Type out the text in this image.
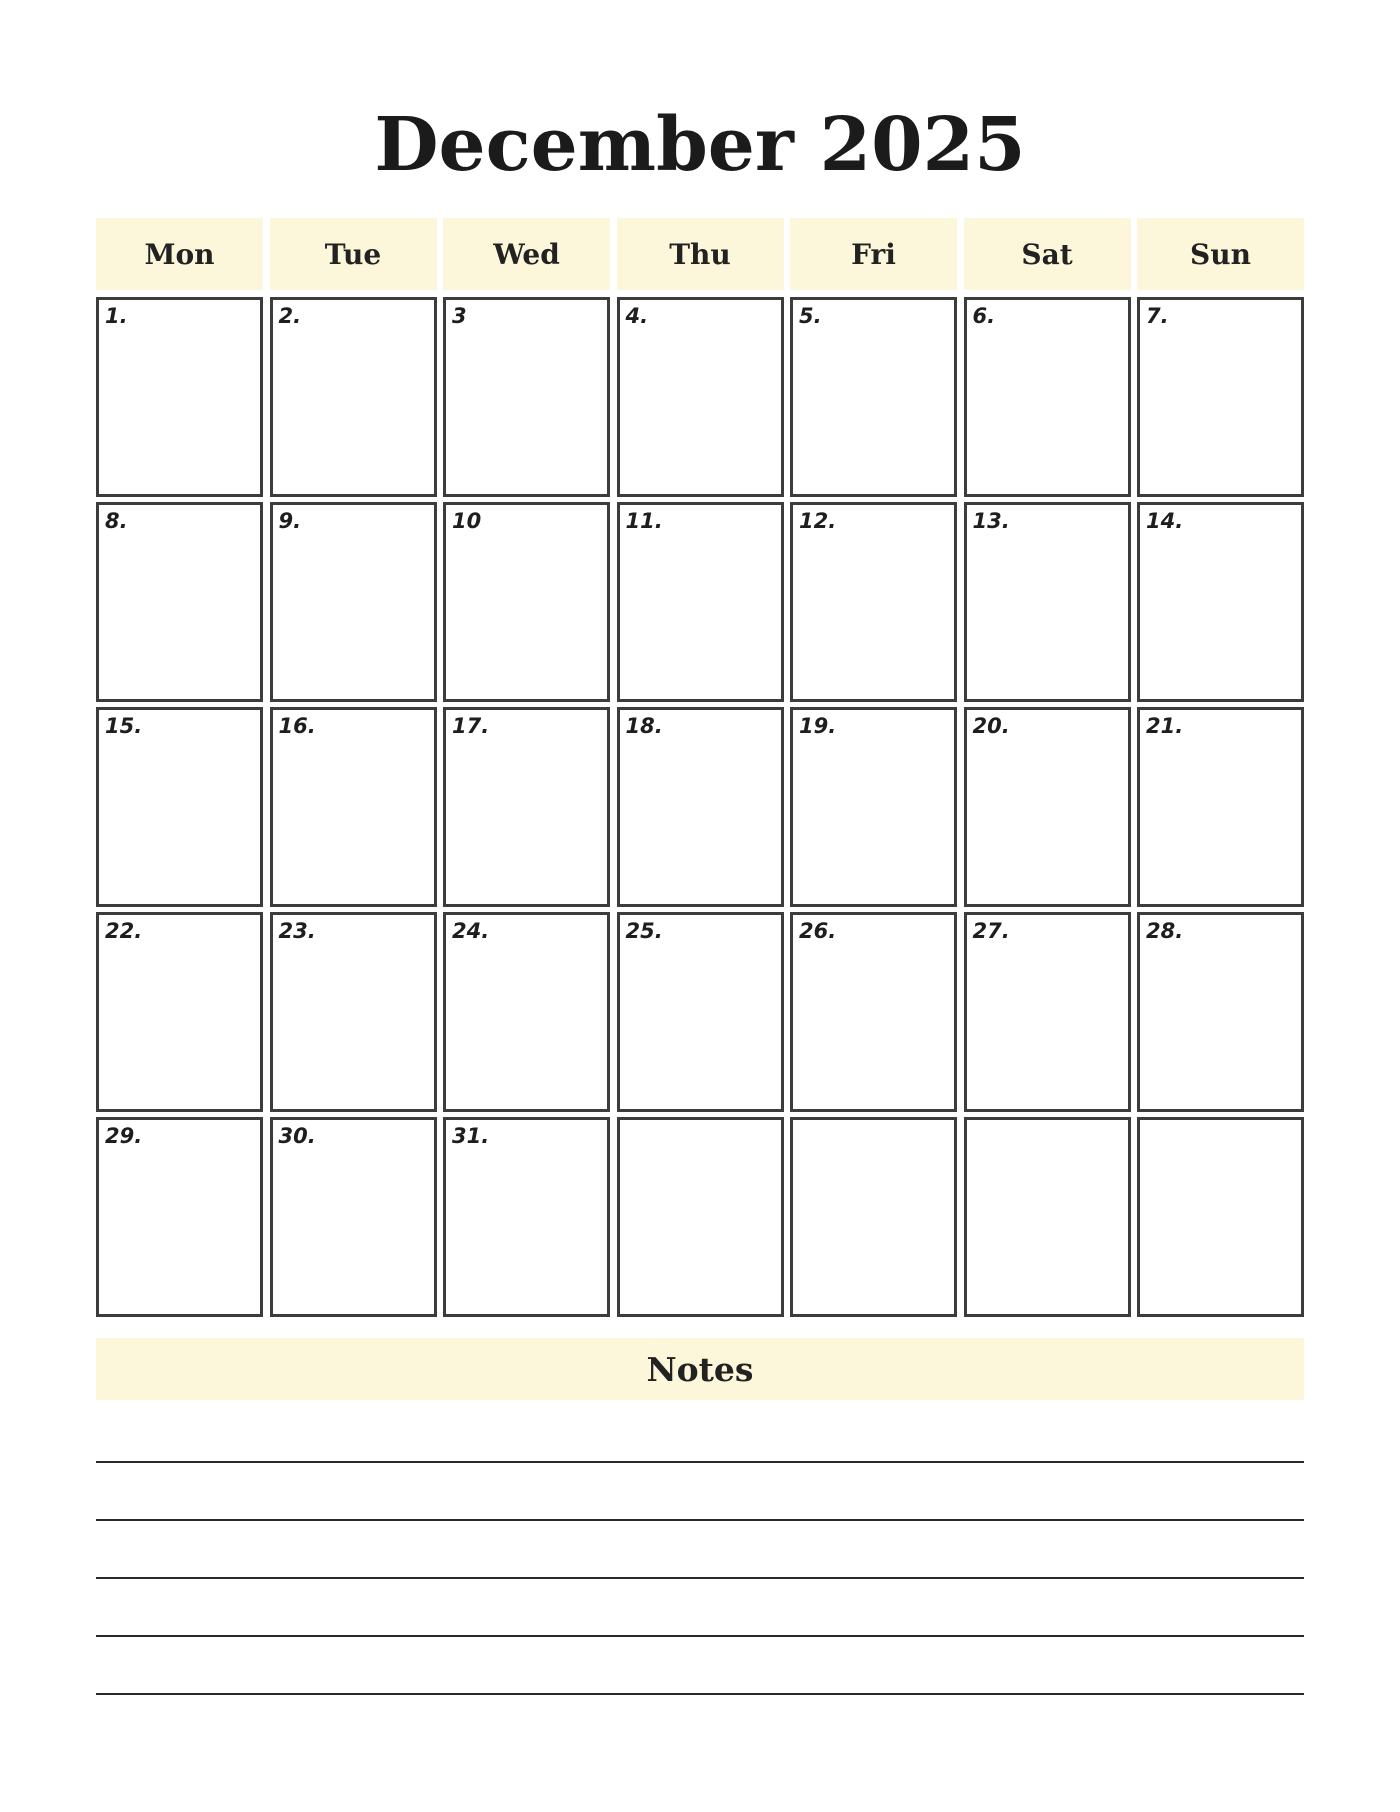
December 2025
Mon	Tue	Wed	Thu	Fri	Sat	Sun
1.	2.	3	4.	5.	6.	7.
8.	9.	10	11.	12.	13.	14.
15.	16.	17.	18.	19.	20.	21.
22.	23.	24.	25.	26.	27.	28.
29.	30.	31.
Notes
